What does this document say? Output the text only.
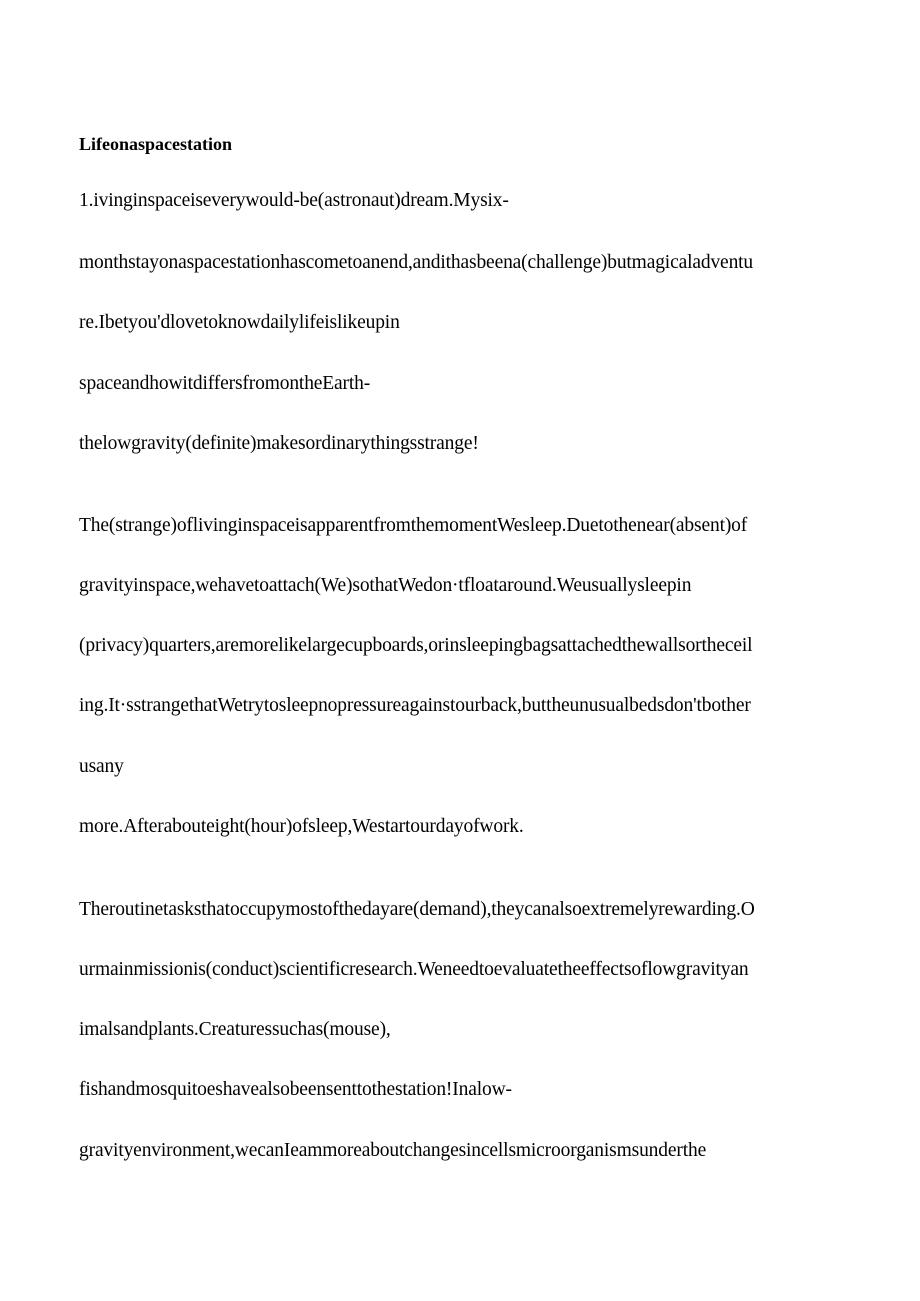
Lifeonaspacestation
1.ivinginspaceiseverywould-be(astronaut)dream.Mysix-
monthstayonaspacestationhascometoanend,andithasbeena(challenge)butmagicaladventu
re.Ibetyou'dlovetoknowdailylifeislikeupin
spaceandhowitdiffersfromontheEarth-
thelowgravity(definite)makesordinarythingsstrange!
The(strange)oflivinginspaceisapparentfromthemomentWesleep.Duetothenear(absent)of
gravityinspace,wehavetoattach(We)sothatWedon·tfloataround.Weusuallysleepin
(privacy)quarters,aremorelikelargecupboards,orinsleepingbagsattachedthewallsortheceil
ing.It·sstrangethatWetrytosleepnopressureagainstourback,buttheunusualbedsdon'tbother
usany
more.Afterabouteight(hour)ofsleep,Westartourdayofwork.
Theroutinetasksthatoccupymostofthedayare(demand),theycanalsoextremelyrewarding.O
urmainmissionis(conduct)scientificresearch.Weneedtoevaluatetheeffectsoflowgravityan
imalsandplants.Creaturessuchas(mouse),
fishandmosquitoeshavealsobeensenttothestation!Inalow-
gravityenvironment,wecanIeammoreaboutchangesincellsmicroorganismsunderthe
